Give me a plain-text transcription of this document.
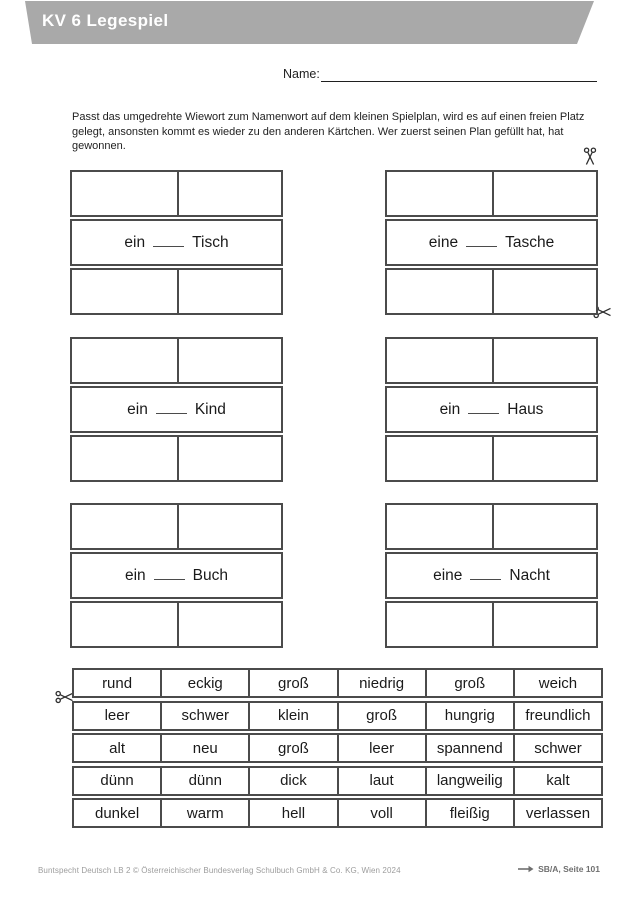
KV 6 Legespiel
Name:
Passt das umgedrehte Wiewort zum Namenwort auf dem kleinen Spielplan, wird es auf einen freien Platz
gelegt, ansonsten kommt es wieder zu den anderen Kärtchen. Wer zuerst seinen Plan gefüllt hat, hat
gewonnen.
ein	Tisch	eine	Tasche
ein	Kind	ein	Haus
ein	Buch	eine	Nacht
rund	eckig	groß	niedrig	groß	weich
leer	schwer	klein	groß	hungrig	freundlich
alt	neu	groß	leer	spannend	schwer
dünn	dünn	dick	laut	langweilig	kalt
dunkel	warm	hell	voll	fleißig	verlassen
Buntspecht Deutsch LB 2 © Österreichischer Bundesverlag Schulbuch GmbH & Co. KG, Wien 2024	SB/A, Seite 101
